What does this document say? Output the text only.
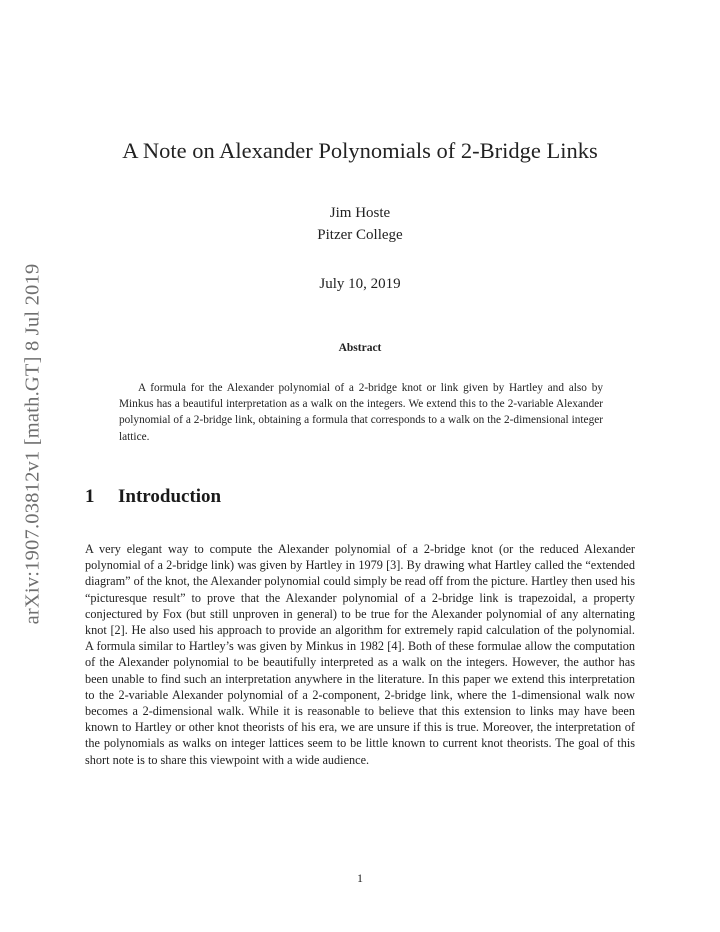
arXiv:1907.03812v1 [math.GT] 8 Jul 2019
A Note on Alexander Polynomials of 2-Bridge Links
Jim Hoste
Pitzer College
July 10, 2019
Abstract

A formula for the Alexander polynomial of a 2-bridge knot or link given by Hartley and also by Minkus has a beautiful interpretation as a walk on the integers. We extend this to the 2-variable Alexander polynomial of a 2-bridge link, obtaining a formula that corresponds to a walk on the 2-dimensional integer lattice.

1 Introduction

A very elegant way to compute the Alexander polynomial of a 2-bridge knot (or the reduced Alexander polynomial of a 2-bridge link) was given by Hartley in 1979 [3]. By drawing what Hartley called the “extended diagram” of the knot, the Alexander polynomial could simply be read off from the picture. Hartley then used his “picturesque result” to prove that the Alexander polynomial of a 2-bridge link is trapezoidal, a property conjectured by Fox (but still unproven in general) to be true for the Alexander polynomial of any alternating knot [2]. He also used his approach to provide an algorithm for extremely rapid calculation of the polynomial. A formula similar to Hartley’s was given by Minkus in 1982 [4]. Both of these formulae allow the computation of the Alexander polynomial to be beautifully interpreted as a walk on the integers. However, the author has been unable to find such an interpretation anywhere in the literature. In this paper we extend this interpretation to the 2-variable Alexander polynomial of a 2-component, 2-bridge link, where the 1-dimensional walk now becomes a 2-dimensional walk. While it is reasonable to believe that this extension to links may have been known to Hartley or other knot theorists of his era, we are unsure if this is true. Moreover, the interpretation of the polynomials as walks on integer lattices seem to be little known to current knot theorists. The goal of this short note is to share this viewpoint with a wide audience.

1
